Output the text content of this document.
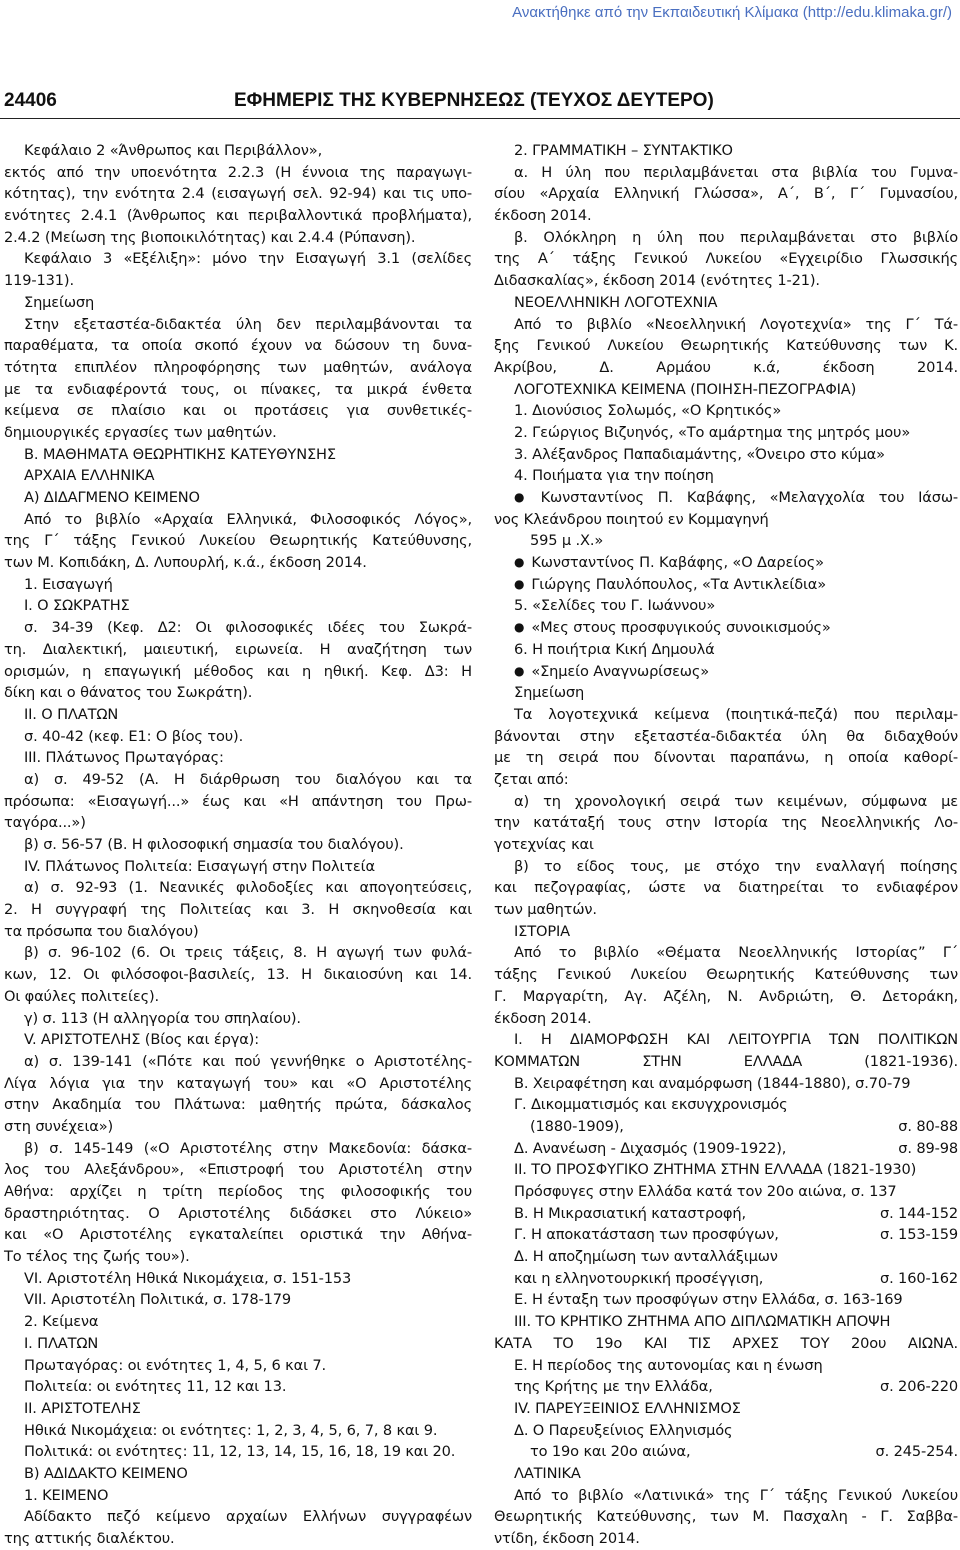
Ανακτήθηκε από την Εκπαιδευτική Κλίμακα (http://edu.klimaka.gr/)
24406	ΕΦΗΜΕΡΙΣ ΤΗΣ ΚΥΒΕΡΝΗΣΕΩΣ (ΤΕΥΧΟΣ ΔΕΥΤΕΡΟ)
Κεφάλαιο 2 «Άνθρωπος και Περιβάλλον»,
εκτός από την υποενότητα 2.2.3 (Η έννοια της παραγωγι-
κότητας), την ενότητα 2.4 (εισαγωγή σελ. 92-94) και τις υπο-
ενότητες 2.4.1 (Άνθρωπος και περιβαλλοντικά προβλήματα),
2.4.2 (Μείωση της βιοποικιλότητας) και 2.4.4 (Ρύπανση).
Κεφάλαιο 3 «Εξέλιξη»: μόνο την Εισαγωγή 3.1 (σελίδες
119-131).
Σημείωση
Στην εξεταστέα-διδακτέα ύλη δεν περιλαμβάνονται τα
παραθέματα, τα οποία σκοπό έχουν να δώσουν τη δυνα-
τότητα επιπλέον πληροφόρησης των μαθητών, ανάλογα
με τα ενδιαφέροντά τους, οι πίνακες, τα μικρά ένθετα
κείμενα σε πλαίσιο και οι προτάσεις για συνθετικές-
δημιουργικές εργασίες των μαθητών.
Β. ΜΑΘΗΜΑΤΑ ΘΕΩΡΗΤΙΚΗΣ ΚΑΤΕΥΘΥΝΣΗΣ
ΑΡΧΑΙΑ ΕΛΛΗΝΙΚΑ
Α) ΔΙΔΑΓΜΕΝΟ ΚΕΙΜΕΝΟ
Από το βιβλίο «Αρχαία Ελληνικά, Φιλοσοφικός Λόγος»,
της Γ΄ τάξης Γενικού Λυκείου Θεωρητικής Κατεύθυνσης,
των Μ. Κοπιδάκη, Δ. Λυπουρλή, κ.ά., έκδοση 2014.
1. Εισαγωγή
Ι. Ο ΣΩΚΡΑΤΗΣ
σ. 34-39 (Κεφ. Δ2: Οι φιλοσοφικές ιδέες του Σωκρά-
τη. Διαλεκτική, μαιευτική, ειρωνεία. Η αναζήτηση των
ορισμών, η επαγωγική μέθοδος και η ηθική. Κεφ. Δ3: Η
δίκη και ο θάνατος του Σωκράτη).
ΙΙ. Ο ΠΛΑΤΩΝ
σ. 40-42 (κεφ. Ε1: Ο βίος του).
ΙΙΙ. Πλάτωνος Πρωταγόρας:
α) σ. 49-52 (Α. Η διάρθρωση του διαλόγου και τα
πρόσωπα: «Εισαγωγή...» έως και «Η απάντηση του Πρω-
ταγόρα...»)
β) σ. 56-57 (Β. Η φιλοσοφική σημασία του διαλόγου).
ΙV. Πλάτωνος Πολιτεία: Εισαγωγή στην Πολιτεία
α) σ. 92-93 (1. Νεανικές φιλοδοξίες και απογοητεύσεις,
2. Η συγγραφή της Πολιτείας και 3. Η σκηνοθεσία και
τα πρόσωπα του διαλόγου)
β) σ. 96-102 (6. Οι τρεις τάξεις, 8. Η αγωγή των φυλά-
κων, 12. Οι φιλόσοφοι-βασιλείς, 13. Η δικαιοσύνη και 14.
Οι φαύλες πολιτείες).
γ) σ. 113 (Η αλληγορία του σπηλαίου).
V. ΑΡΙΣΤΟΤΕΛΗΣ (Βίος και έργα):
α) σ. 139-141 («Πότε και πού γεννήθηκε ο Αριστοτέλης-
Λίγα λόγια για την καταγωγή του» και «Ο Αριστοτέλης
στην Ακαδημία του Πλάτωνα: μαθητής πρώτα, δάσκαλος
στη συνέχεια»)
β) σ. 145-149 («Ο Αριστοτέλης στην Μακεδονία: δάσκα-
λος του Αλεξάνδρου», «Επιστροφή του Αριστοτέλη στην
Αθήνα: αρχίζει η τρίτη περίοδος της φιλοσοφικής του
δραστηριότητας. Ο Αριστοτέλης διδάσκει στο Λύκειο»
και «Ο Αριστοτέλης εγκαταλείπει οριστικά την Αθήνα-
Το τέλος της ζωής του»).
VΙ. Αριστοτέλη Ηθικά Νικομάχεια, σ. 151-153
VΙΙ. Αριστοτέλη Πολιτικά, σ. 178-179
2. Κείμενα
Ι. ΠΛΑΤΩΝ
Πρωταγόρας: οι ενότητες 1, 4, 5, 6 και 7.
Πολιτεία: οι ενότητες 11, 12 και 13.
ΙΙ. ΑΡΙΣΤΟΤΕΛΗΣ
Ηθικά Νικομάχεια: οι ενότητες: 1, 2, 3, 4, 5, 6, 7, 8 και 9.
Πολιτικά: οι ενότητες: 11, 12, 13, 14, 15, 16, 18, 19 και 20.
Β) ΑΔΙΔΑΚΤΟ ΚΕΙΜΕΝΟ
1. ΚΕΙΜΕΝΟ
Αδίδακτο πεζό κείμενο αρχαίων Ελλήνων συγγραφέων
της αττικής διαλέκτου.
2. ΓΡΑΜΜΑΤΙΚΗ – ΣΥΝΤΑΚΤΙΚΟ
α. Η ύλη που περιλαμβάνεται στα βιβλία του Γυμνα-
σίου «Αρχαία Ελληνική Γλώσσα», Α΄, Β΄, Γ΄ Γυμνασίου,
έκδοση 2014.
β. Ολόκληρη η ύλη που περιλαμβάνεται στο βιβλίο
της Α΄ τάξης Γενικού Λυκείου «Εγχειρίδιο Γλωσσικής
Διδασκαλίας», έκδοση 2014 (ενότητες 1-21).
ΝΕΟΕΛΛΗΝΙΚΗ ΛΟΓΟΤΕΧΝΙΑ
Από το βιβλίο «Νεοελληνική Λογοτεχνία» της Γ΄ Τά-
ξης Γενικού Λυκείου Θεωρητικής Κατεύθυνσης των Κ.
Ακρίβου, Δ. Αρμάου κ.ά, έκδοση 2014.
ΛΟΓΟΤΕΧΝΙΚΑ ΚΕΙΜΕΝΑ (ΠΟΙΗΣΗ-ΠΕΖΟΓΡΑΦΙΑ)
1. Διονύσιος Σολωμός, «Ο Κρητικός»
2. Γεώργιος Βιζυηνός, «Το αμάρτημα της μητρός μου»
3. Αλέξανδρος Παπαδιαμάντης, «Όνειρο στο κύμα»
4. Ποιήματα για την ποίηση
● Κωνσταντίνος Π. Καβάφης, «Μελαγχολία του Ιάσω-
νος Κλεάνδρου ποιητού εν Κομμαγηνή
595 μ .Χ.»
● Κωνσταντίνος Π. Καβάφης, «Ο Δαρείος»
● Γιώργης Παυλόπουλος, «Τα Αντικλείδια»
5. «Σελίδες του Γ. Ιωάννου»
● «Μες στους προσφυγικούς συνοικισμούς»
6. Η ποιήτρια Κική Δημουλά
● «Σημείο Αναγνωρίσεως»
Σημείωση
Τα λογοτεχνικά κείμενα (ποιητικά-πεζά) που περιλαμ-
βάνονται στην εξεταστέα-διδακτέα ύλη θα διδαχθούν
με τη σειρά που δίνονται παραπάνω, η οποία καθορί-
ζεται από:
α) τη χρονολογική σειρά των κειμένων, σύμφωνα με
την κατάταξή τους στην Ιστορία της Νεοελληνικής Λο-
γοτεχνίας και
β) το είδος τους, με στόχο την εναλλαγή ποίησης
και πεζογραφίας, ώστε να διατηρείται το ενδιαφέρον
των μαθητών.
ΙΣΤΟΡΙΑ
Από το βιβλίο «Θέματα Νεοελληνικής Ιστορίας” Γ΄
τάξης Γενικού Λυκείου Θεωρητικής Κατεύθυνσης των
Γ. Μαργαρίτη, Αγ. Αζέλη, Ν. Ανδριώτη, Θ. Δετοράκη,
έκδοση 2014.
Ι. Η ΔΙΑΜΟΡΦΩΣΗ ΚΑΙ ΛΕΙΤΟΥΡΓΙΑ ΤΩΝ ΠΟΛΙΤΙΚΩΝ
ΚΟΜΜΑΤΩΝ ΣΤΗΝ ΕΛΛΑΔΑ (1821-1936).
Β. Χειραφέτηση και αναμόρφωση (1844-1880), σ.70-79
Γ. Δικομματισμός και εκσυγχρονισμός
(1880-1909),	σ. 80-88
Δ. Ανανέωση - Διχασμός (1909-1922),	σ. 89-98
ΙΙ. ΤΟ ΠΡΟΣΦΥΓΙΚΟ ΖΗΤΗΜΑ ΣΤΗΝ ΕΛΛΑΔΑ (1821-1930)
Πρόσφυγες στην Ελλάδα κατά τον 20ο αιώνα, σ. 137
Β. Η Μικρασιατική καταστροφή,	σ. 144-152
Γ. Η αποκατάσταση των προσφύγων,	σ. 153-159
Δ. Η αποζημίωση των ανταλλάξιμων
και η ελληνοτουρκική προσέγγιση,	σ. 160-162
Ε. Η ένταξη των προσφύγων στην Ελλάδα, σ. 163-169
ΙΙΙ. ΤΟ ΚΡΗΤΙΚΟ ΖΗΤΗΜΑ ΑΠΟ ΔΙΠΛΩΜΑΤΙΚΗ ΑΠΟΨΗ
ΚΑΤΑ ΤΟ 19ο ΚΑΙ ΤΙΣ ΑΡΧΕΣ ΤΟΥ 20ου ΑΙΩΝΑ.
Ε. Η περίοδος της αυτονομίας και η ένωση
της Κρήτης με την Ελλάδα,	σ. 206-220
ΙV. ΠΑΡΕΥΞΕΙΝΙΟΣ ΕΛΛΗΝΙΣΜΟΣ
Δ. Ο Παρευξείνιος Ελληνισμός
το 19ο και 20ο αιώνα,	σ. 245-254.
ΛΑΤΙΝΙΚΑ
Από το βιβλίο «Λατινικά» της Γ΄ τάξης Γενικού Λυκείου
Θεωρητικής Κατεύθυνσης, των Μ. Πασχαλη - Γ. Σαββα-
ντίδη, έκδοση 2014.
